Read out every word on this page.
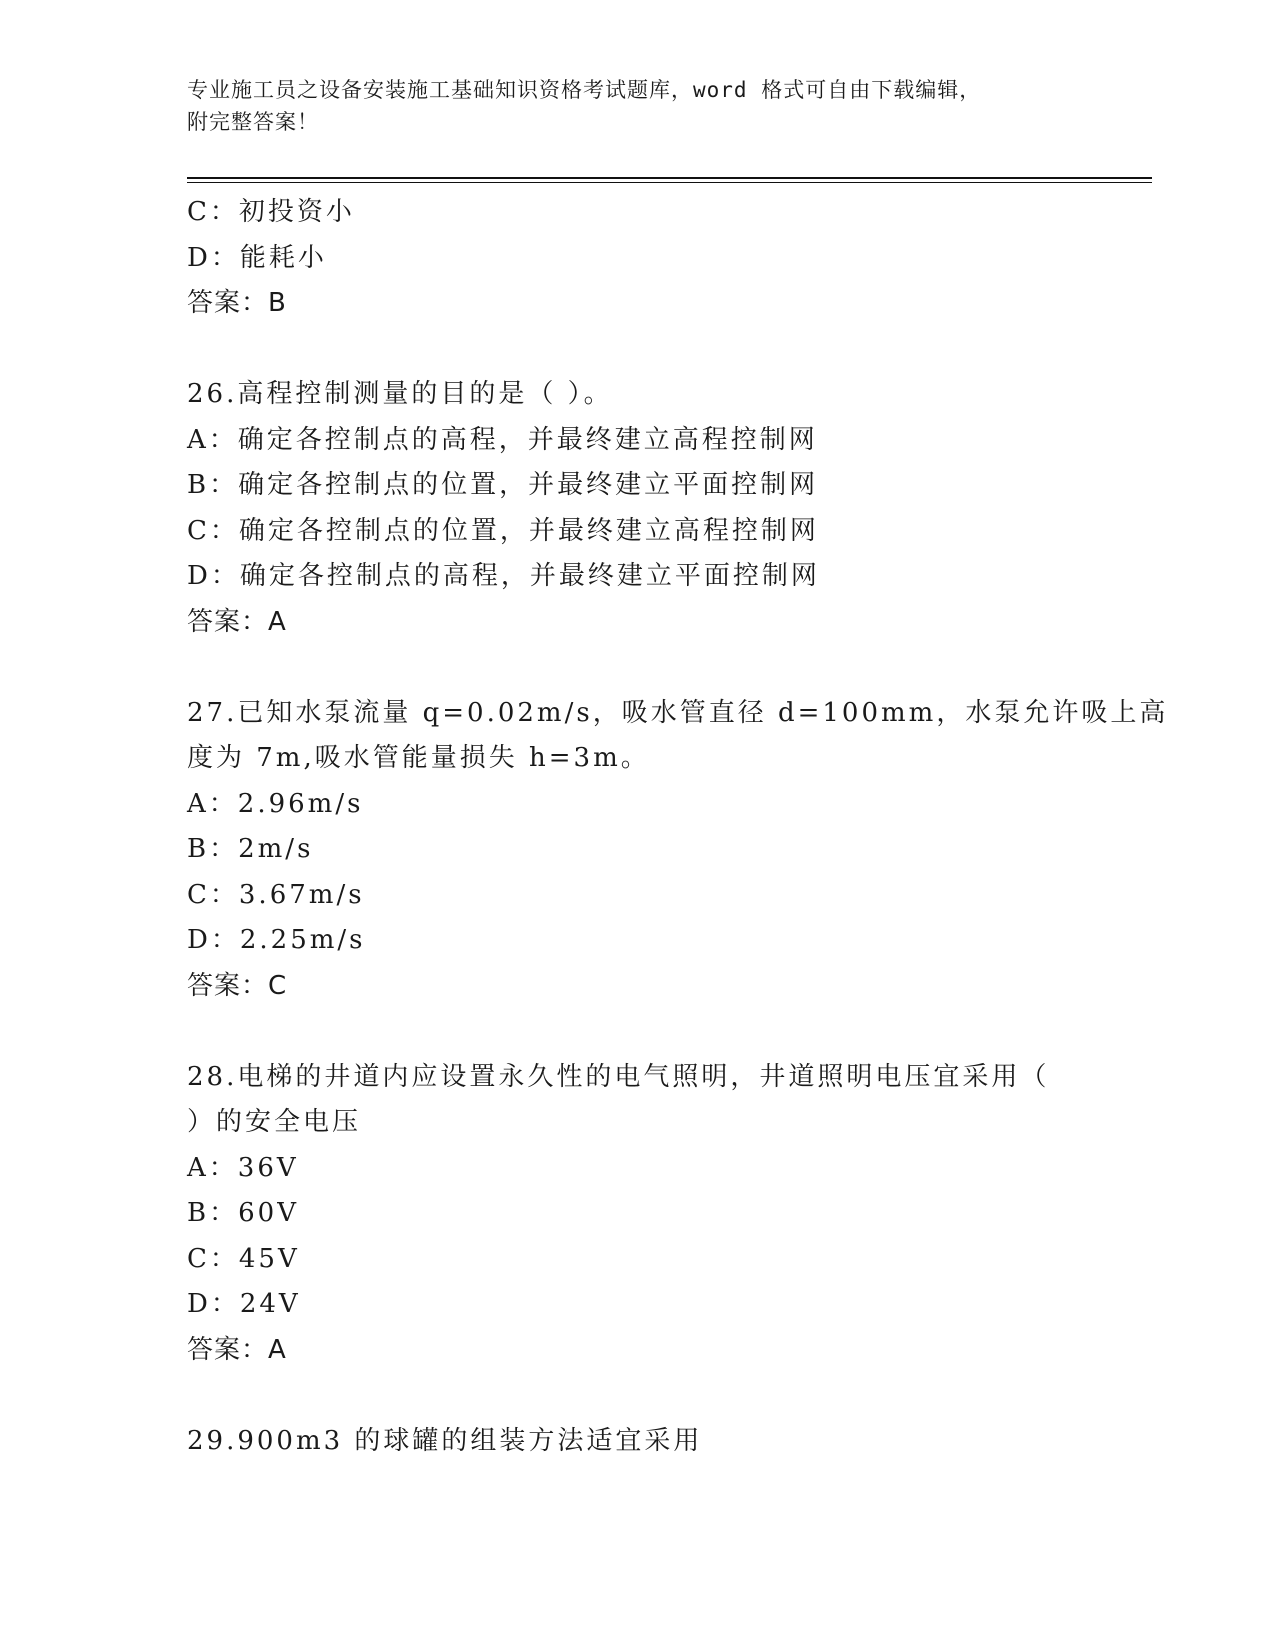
专业施工员之设备安装施工基础知识资格考试题库，word 格式可自由下载编辑，
附完整答案！
C：初投资小
D：能耗小
答案：B
26.高程控制测量的目的是（ ）。
A：确定各控制点的高程，并最终建立高程控制网
B：确定各控制点的位置，并最终建立平面控制网
C：确定各控制点的位置，并最终建立高程控制网
D：确定各控制点的高程，并最终建立平面控制网
答案：A
27.已知水泵流量 q=0.02m/s，吸水管直径 d=100mm，水泵允许吸上高
度为 7m,吸水管能量损失 h=3m。
A：2.96m/s
B：2m/s
C：3.67m/s
D：2.25m/s
答案：C
28.电梯的井道内应设置永久性的电气照明，井道照明电压宜采用（
）的安全电压
A：36V
B：60V
C：45V
D：24V
答案：A
29.900m3 的球罐的组装方法适宜采用
